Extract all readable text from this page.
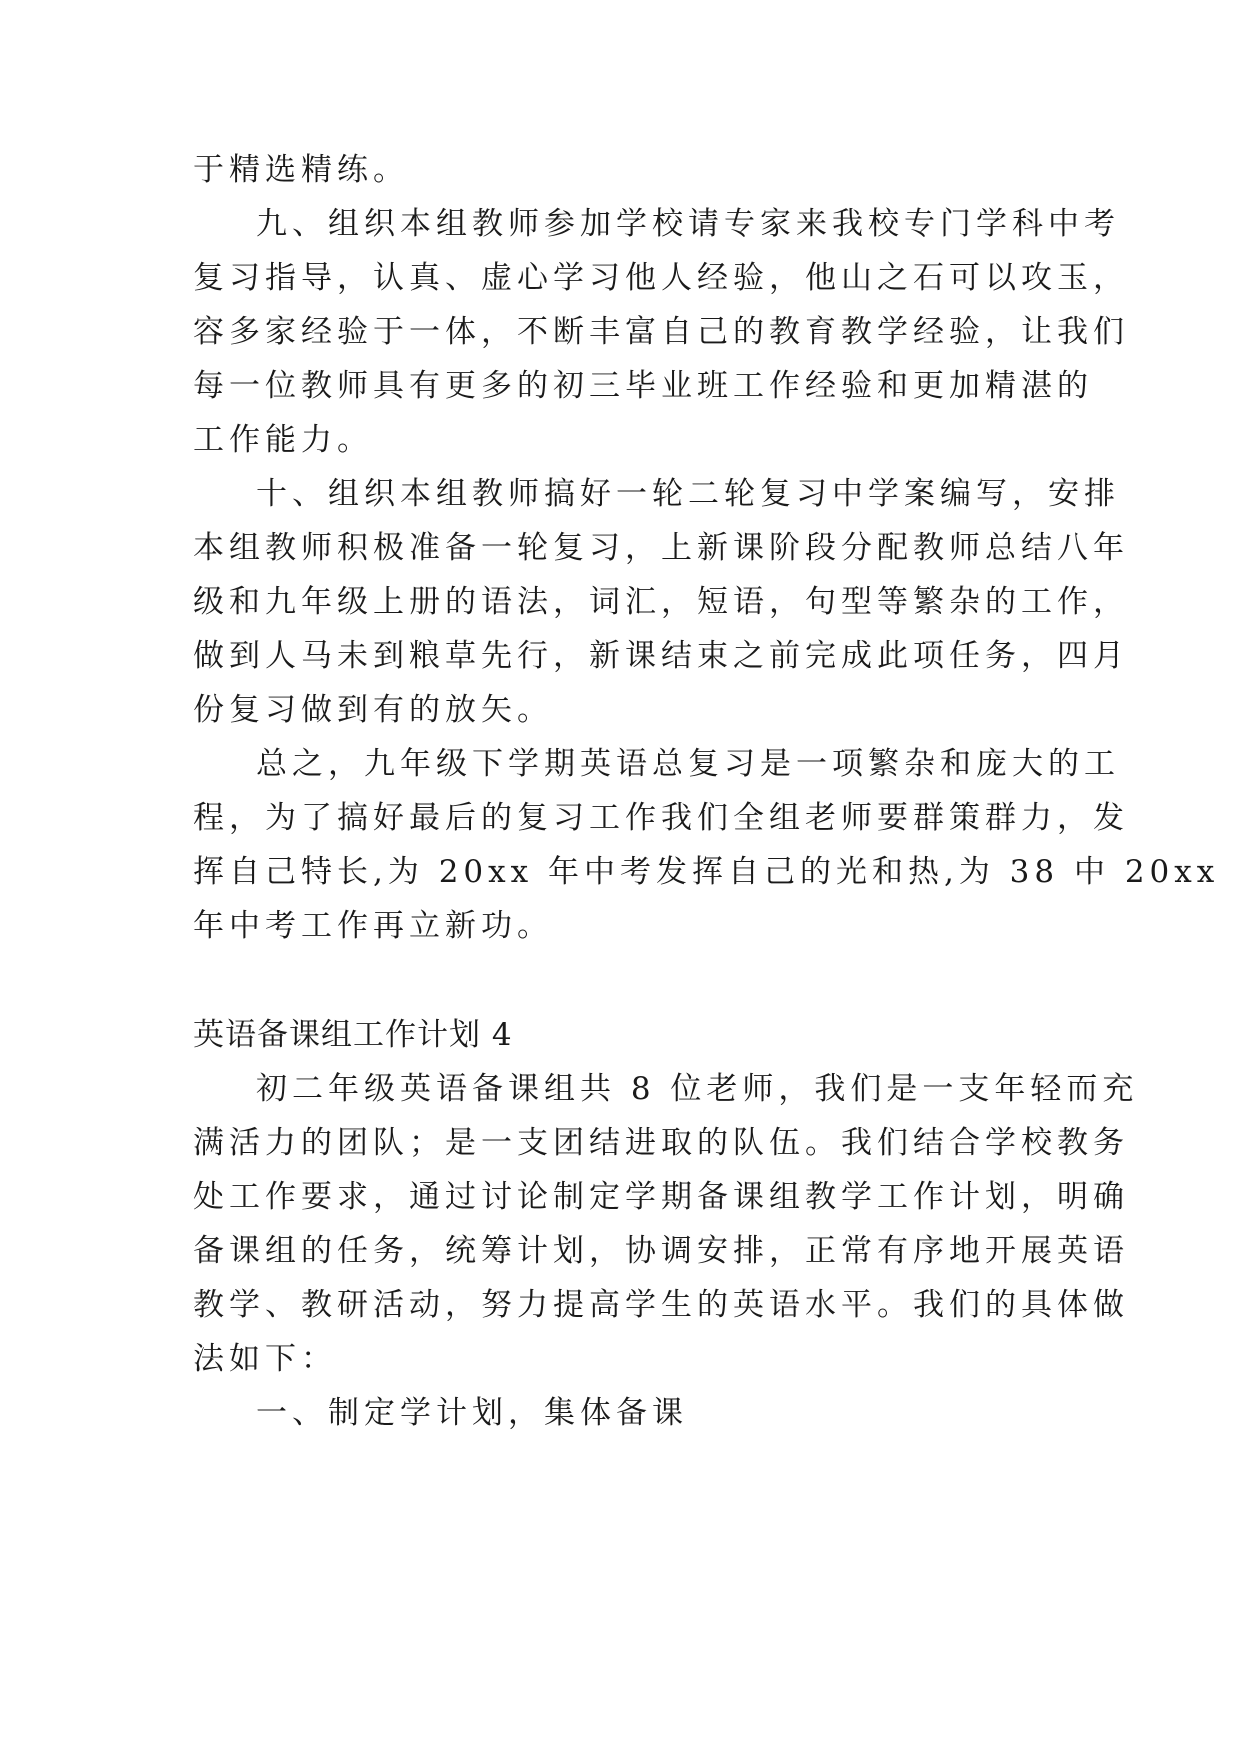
于精选精练。
九、组织本组教师参加学校请专家来我校专门学科中考
复习指导，认真、虚心学习他人经验，他山之石可以攻玉，
容多家经验于一体，不断丰富自己的教育教学经验，让我们
每一位教师具有更多的初三毕业班工作经验和更加精湛的
工作能力。
十、组织本组教师搞好一轮二轮复习中学案编写，安排
本组教师积极准备一轮复习，上新课阶段分配教师总结八年
级和九年级上册的语法，词汇，短语，句型等繁杂的工作，
做到人马未到粮草先行，新课结束之前完成此项任务，四月
份复习做到有的放矢。
总之，九年级下学期英语总复习是一项繁杂和庞大的工
程，为了搞好最后的复习工作我们全组老师要群策群力，发
挥自己特长,为 20xx 年中考发挥自己的光和热,为 38 中 20xx
年中考工作再立新功。
英语备课组工作计划 4
初二年级英语备课组共 8 位老师，我们是一支年轻而充
满活力的团队；是一支团结进取的队伍。我们结合学校教务
处工作要求，通过讨论制定学期备课组教学工作计划，明确
备课组的任务，统筹计划，协调安排，正常有序地开展英语
教学、教研活动，努力提高学生的英语水平。我们的具体做
法如下：
一、制定学计划，集体备课
